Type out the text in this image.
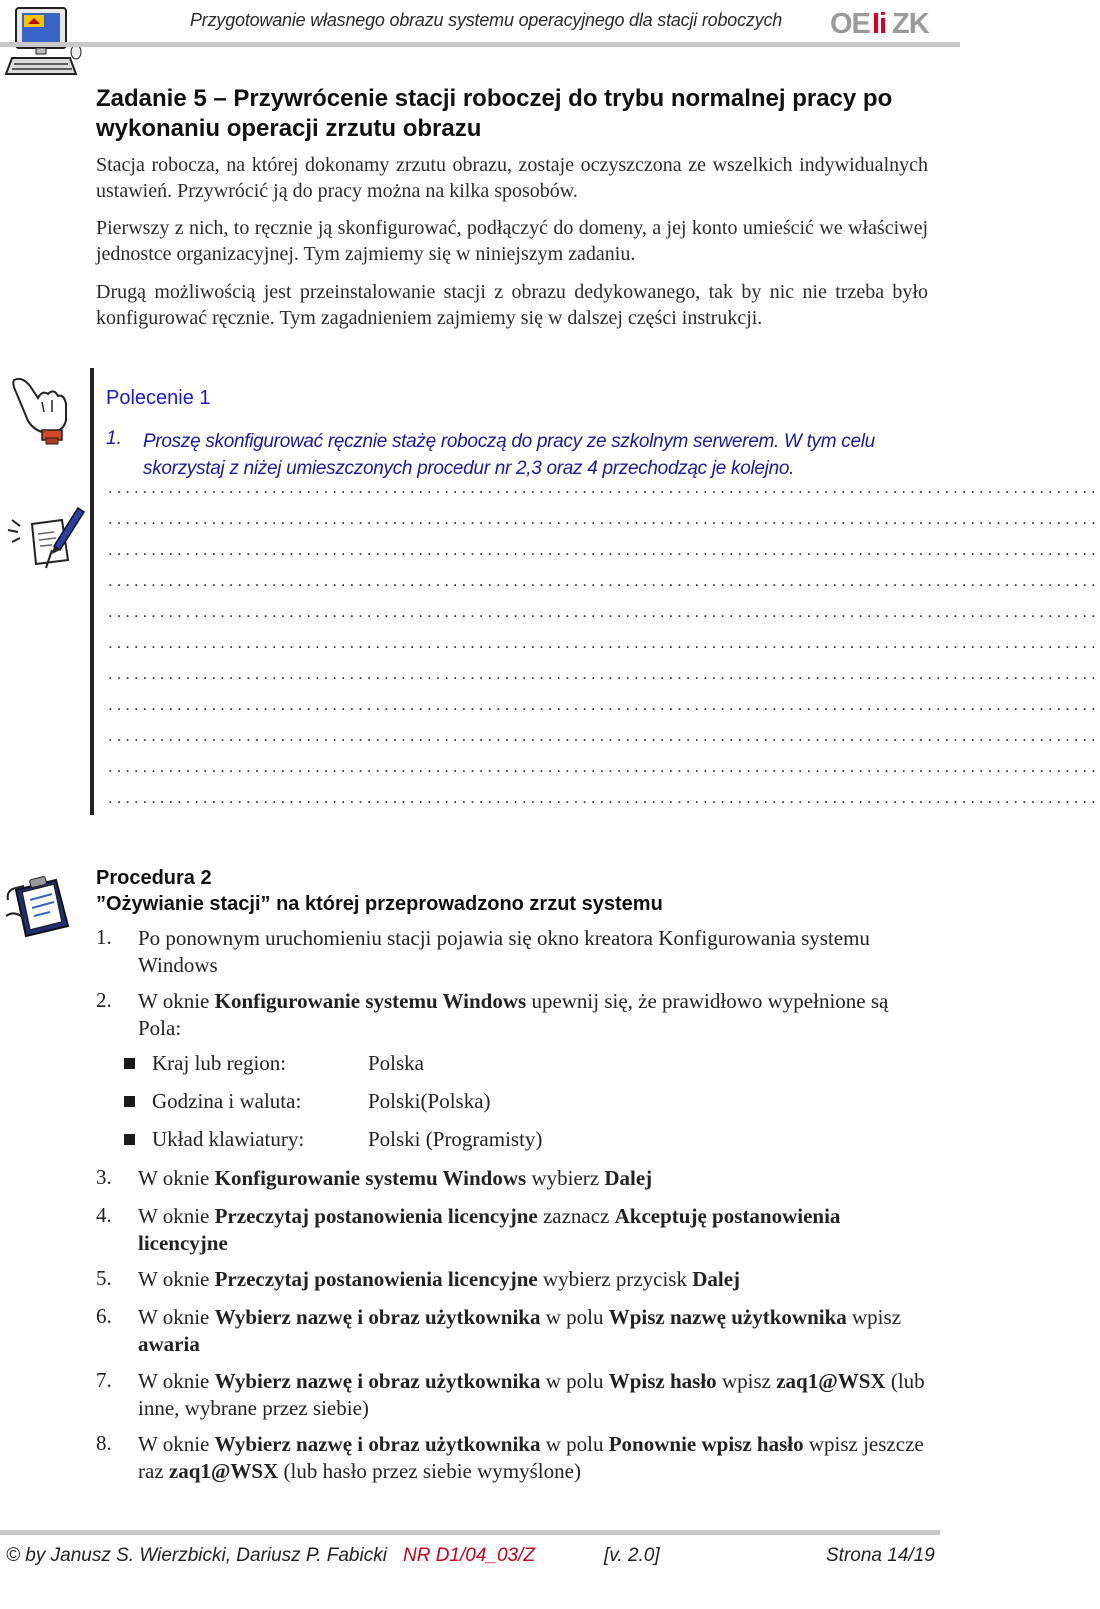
Przygotowanie własnego obrazu systemu operacyjnego dla stacji roboczych OE Ii ZK
Zadanie 5 – Przywrócenie stacji roboczej do trybu normalnej pracy po wykonaniu operacji zrzutu obrazu
Stacja robocza, na której dokonamy zrzutu obrazu, zostaje oczyszczona ze wszelkich indywidualnych ustawień. Przywrócić ją do pracy można na kilka sposobów.
Pierwszy z nich, to ręcznie ją skonfigurować, podłączyć do domeny, a jej konto umieścić we właściwej jednostce organizacyjnej. Tym zajmiemy się w niniejszym zadaniu.
Drugą możliwością jest przeinstalowanie stacji z obrazu dedykowanego, tak by nic nie trzeba było konfigurować ręcznie. Tym zagadnieniem zajmiemy się w dalszej części instrukcji.
Polecenie 1
1. Proszę skonfigurować ręcznie stażę roboczą do pracy ze szkolnym serwerem. W tym celu skorzystaj z niżej umieszczonych procedur nr 2,3 oraz 4 przechodząc je kolejno.
...................................................................................................................
...................................................................................................................
...................................................................................................................
...................................................................................................................
...................................................................................................................
...................................................................................................................
...................................................................................................................
...................................................................................................................
...................................................................................................................
...................................................................................................................
...................................................................................................................
Procedura 2
”Ożywianie stacji” na której przeprowadzono zrzut systemu
1. Po ponownym uruchomieniu stacji pojawia się okno kreatora Konfigurowania systemu Windows
2. W oknie Konfigurowanie systemu Windows upewnij się, że prawidłowo wypełnione są Pola:
Kraj lub region:	Polska
Godzina i waluta:	Polski(Polska)
Układ klawiatury:	Polski (Programisty)
3. W oknie Konfigurowanie systemu Windows wybierz Dalej
4. W oknie Przeczytaj postanowienia licencyjne zaznacz Akceptuję postanowienia licencyjne
5. W oknie Przeczytaj postanowienia licencyjne wybierz przycisk Dalej
6. W oknie Wybierz nazwę i obraz użytkownika w polu Wpisz nazwę użytkownika wpisz awaria
7. W oknie Wybierz nazwę i obraz użytkownika w polu Wpisz hasło wpisz zaq1@WSX (lub inne, wybrane przez siebie)
8. W oknie Wybierz nazwę i obraz użytkownika w polu Ponownie wpisz hasło wpisz jeszcze raz zaq1@WSX (lub hasło przez siebie wymyślone)
© by Janusz S. Wierzbicki, Dariusz P. Fabicki NR D1/04_03/Z	[v. 2.0]	Strona 14/19
